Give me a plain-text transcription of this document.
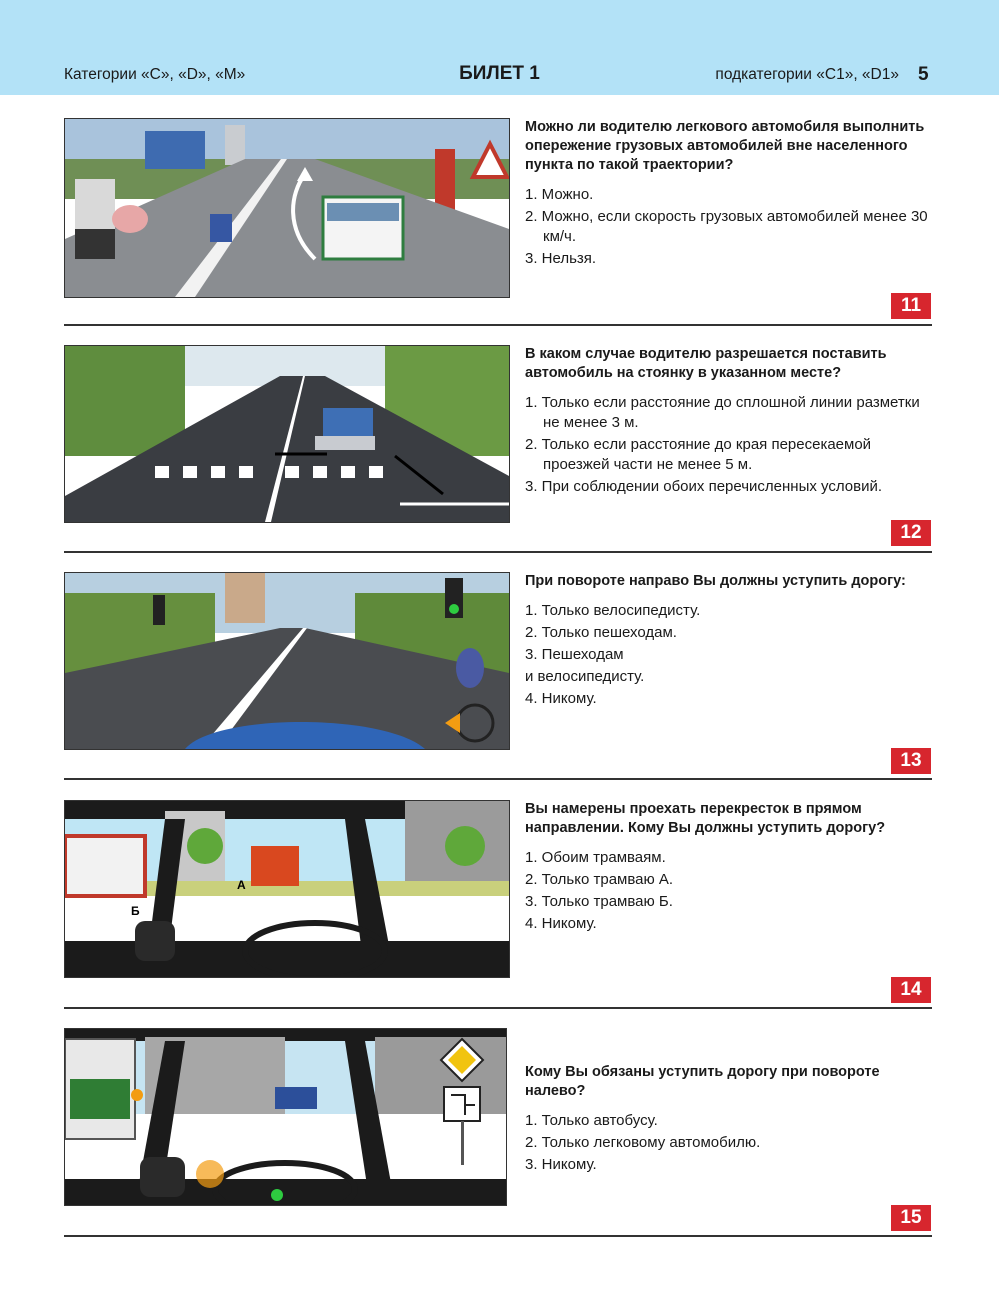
Категории «С», «D», «М»	БИЛЕТ 1	подкатегории «С1», «D1» 5

Можно ли водителю легкового автомобиля выполнить опережение грузовых автомобилей вне населенного пункта по такой траектории?

1. Можно.
2. Можно, если скорость грузовых автомобилей менее 30 км/ч.
3. Нельзя.
11

В каком случае водителю разрешается поставить автомобиль на стоянку в указанном месте?

1. Только если расстояние до сплошной линии разметки не менее 3 м.
2. Только если расстояние до края пересекаемой проезжей части не менее 5 м.
3. При соблюдении обоих перечисленных условий.
12

При повороте направо Вы должны уступить дорогу:

1. Только велосипедисту.
2. Только пешеходам.
3. Пешеходам
и велосипедисту.
4. Никому.
13
А
Б

Вы намерены проехать перекресток в прямом направлении. Кому Вы должны уступить дорогу?

1. Обоим трамваям.
2. Только трамваю А.
3. Только трамваю Б.
4. Никому.
14

Кому Вы обязаны уступить дорогу при повороте налево?

1. Только автобусу.
2. Только легковому автомобилю.
3. Никому.
15
